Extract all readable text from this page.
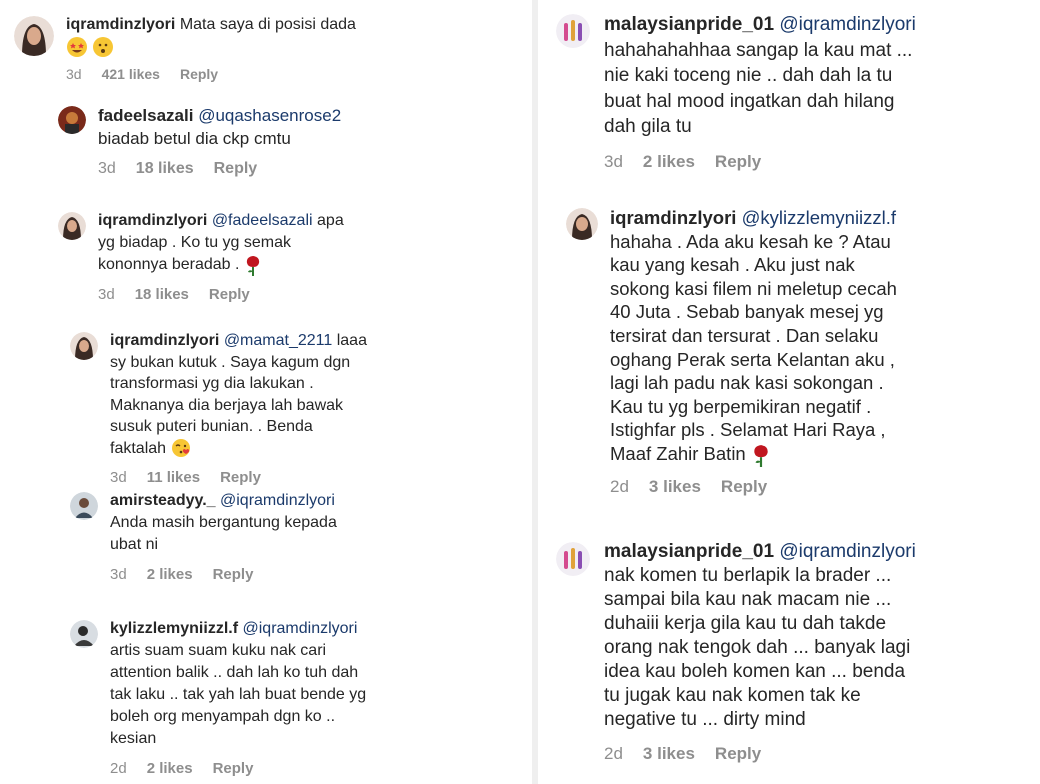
iqramdinzlyori Mata saya di posisi dada

3d 421 likes Reply

fadeelsazali @uqashasenrose2
biadab betul dia ckp cmtu

3d 18 likes Reply

iqramdinzlyori @fadeelsazali apa
yg biadap . Ko tu yg semak
kononnya beradab .

3d 18 likes Reply

iqramdinzlyori @mamat_2211 laaa
sy bukan kutuk . Saya kagum dgn
transformasi yg dia lakukan .
Maknanya dia berjaya lah bawak
susuk puteri bunian. . Benda
faktalah

3d 11 likes Reply

amirsteadyy._ @iqramdinzlyori
Anda masih bergantung kepada
ubat ni

3d 2 likes Reply

kylizzlemyniizzl.f @iqramdinzlyori
artis suam suam kuku nak cari
attention balik .. dah lah ko tuh dah
tak laku .. tak yah lah buat bende yg
boleh org menyampah dgn ko ..
kesian

2d 2 likes Reply

malaysianpride_01 @iqramdinzlyori
hahahahahhaa sangap la kau mat ...
nie kaki toceng nie .. dah dah la tu
buat hal mood ingatkan dah hilang
dah gila tu

3d 2 likes Reply

iqramdinzlyori @kylizzlemyniizzl.f
hahaha . Ada aku kesah ke ? Atau
kau yang kesah . Aku just nak
sokong kasi filem ni meletup cecah
40 Juta . Sebab banyak mesej yg
tersirat dan tersurat . Dan selaku
oghang Perak serta Kelantan aku ,
lagi lah padu nak kasi sokongan .
Kau tu yg berpemikiran negatif .
Istighfar pls . Selamat Hari Raya ,
Maaf Zahir Batin

2d 3 likes Reply

malaysianpride_01 @iqramdinzlyori
nak komen tu berlapik la brader ...
sampai bila kau nak macam nie ...
duhaiii kerja gila kau tu dah takde
orang nak tengok dah ... banyak lagi
idea kau boleh komen kan ... benda
tu jugak kau nak komen tak ke
negative tu ... dirty mind

2d 3 likes Reply
